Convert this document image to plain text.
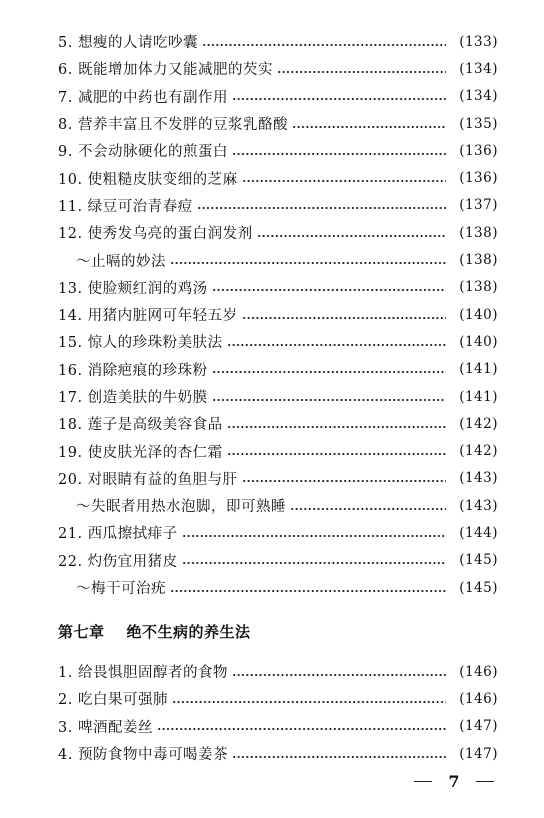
5. 想瘦的人请吃吵囊	(133)
6. 既能增加体力又能减肥的芡实	(134)
7. 减肥的中药也有副作用	(134)
8. 营养丰富且不发胖的豆浆乳酪酸	(135)
9. 不会动脉硬化的煎蛋白	(136)
10. 使粗糙皮肤变细的芝麻	(136)
11. 绿豆可治青春痘	(137)
12. 使秀发乌亮的蛋白润发剂	(138)
～止嗝的妙法	(138)
13. 使脸颊红润的鸡汤	(138)
14. 用猪内脏网可年轻五岁	(140)
15. 惊人的珍珠粉美肤法	(140)
16. 消除疤痕的珍珠粉	(141)
17. 创造美肤的牛奶膜	(141)
18. 莲子是高级美容食品	(142)
19. 使皮肤光泽的杏仁霜	(142)
20. 对眼睛有益的鱼胆与肝	(143)
～失眠者用热水泡脚，即可熟睡	(143)
21. 西瓜擦拭痱子	(144)
22. 灼伤宜用猪皮	(145)
～梅干可治疣	(145)
第七章 绝不生病的养生法
1. 给畏惧胆固醇者的食物	(146)
2. 吃白果可强肺	(146)
3. 啤酒配姜丝	(147)
4. 预防食物中毒可喝姜茶	(147)
7
